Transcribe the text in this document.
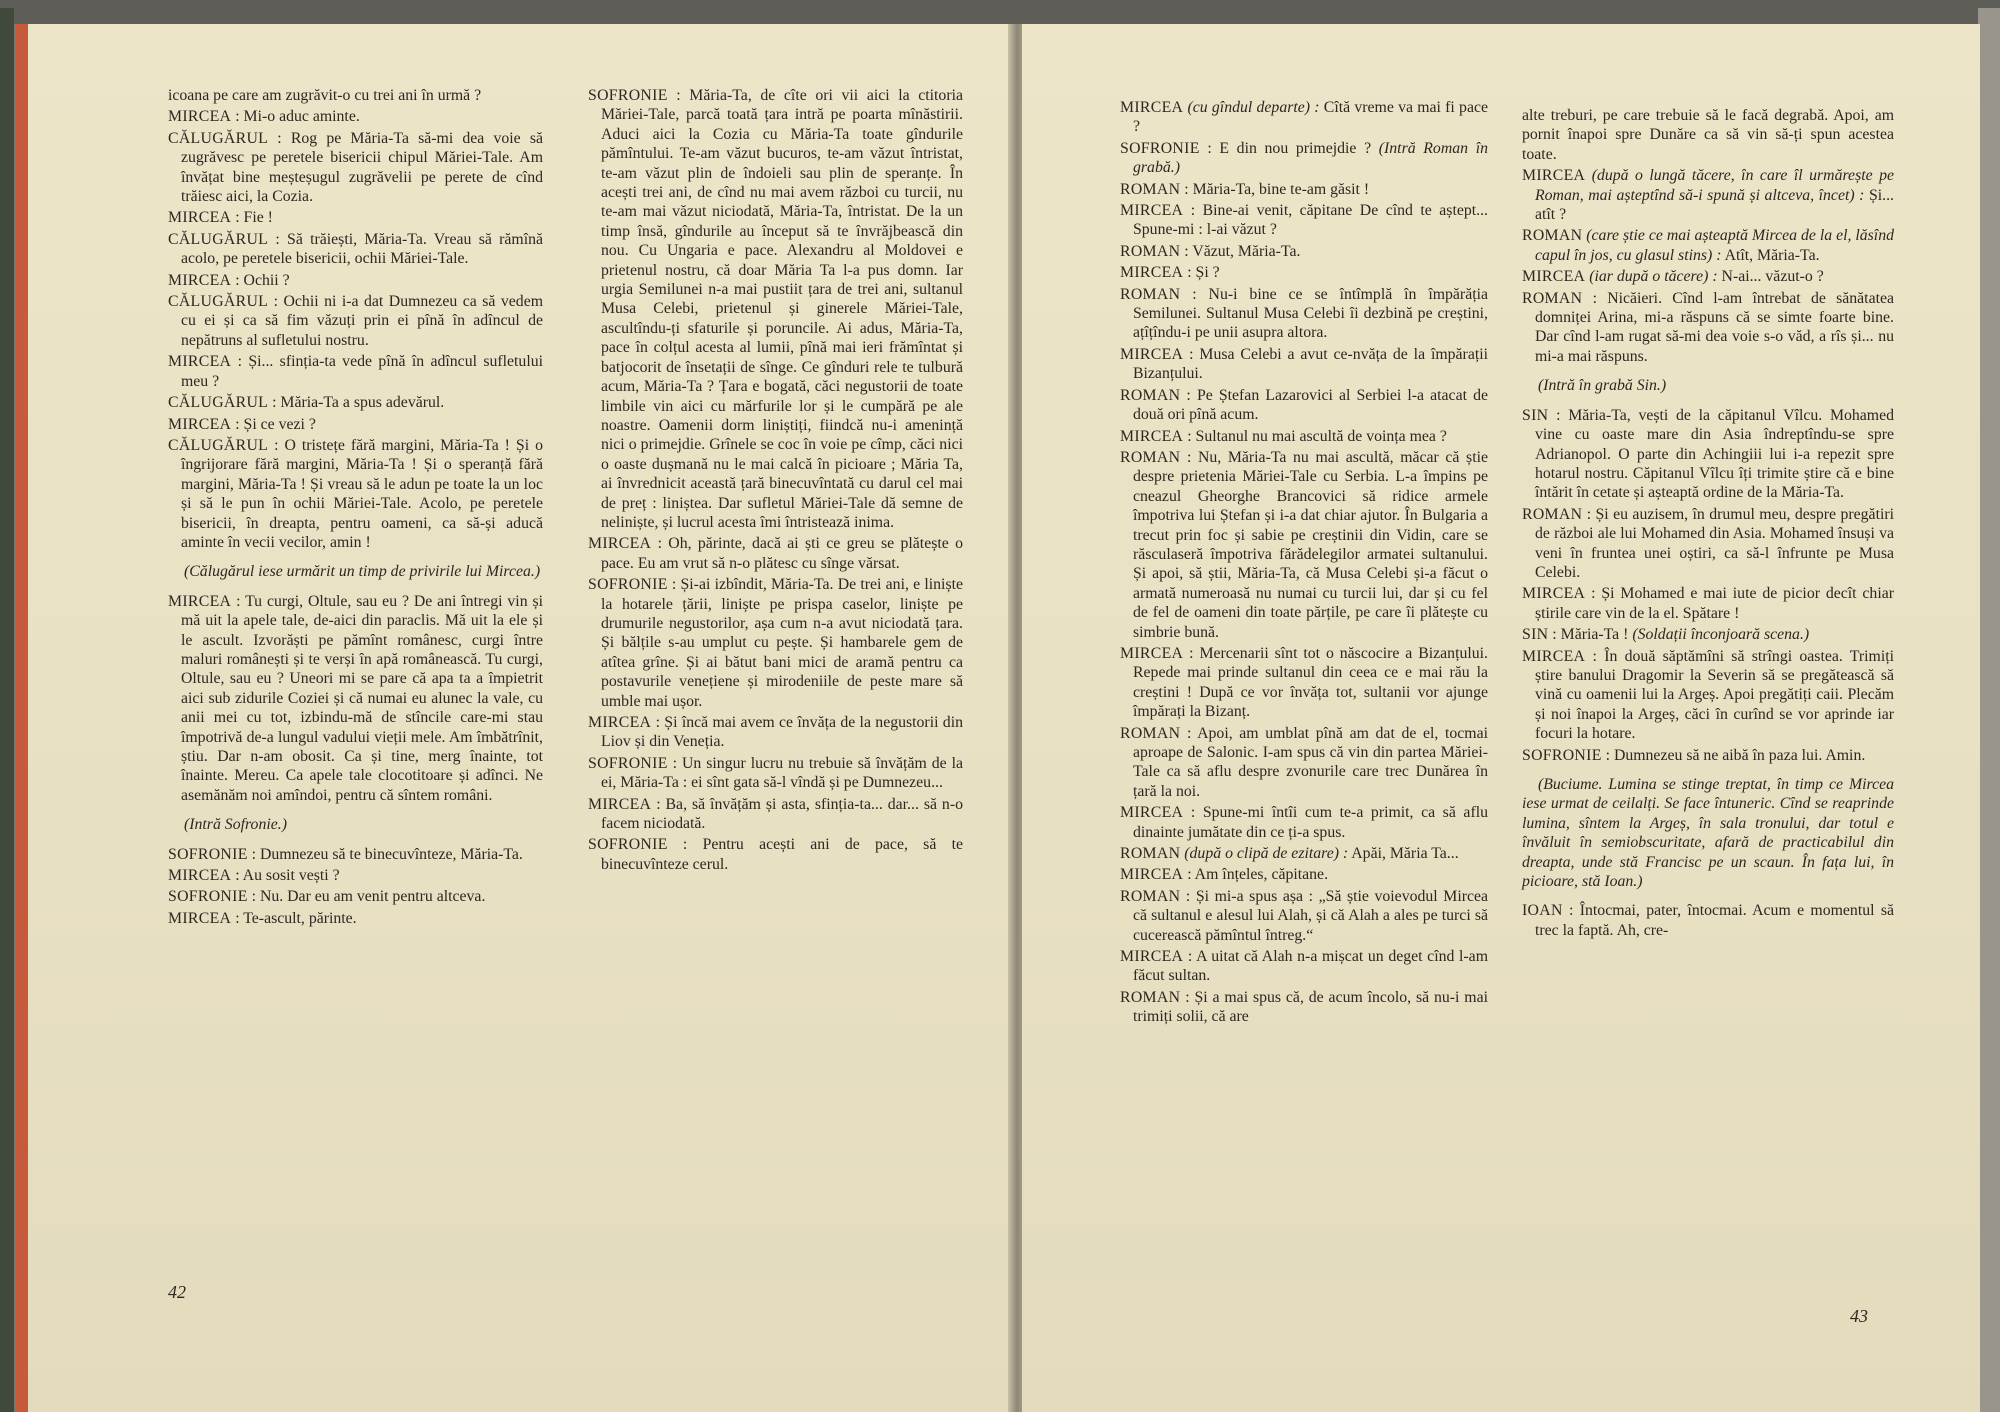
icoana pe care am zugrăvit-o cu trei ani în urmă ?
MIRCEA : Mi-o aduc aminte.
CĂLUGĂRUL : Rog pe Măria-Ta să-mi dea voie să zugrăvesc pe peretele bisericii chipul Măriei-Tale. Am învățat bine meșteșugul zugrăvelii pe perete de cînd trăiesc aici, la Cozia.
MIRCEA : Fie !
CĂLUGĂRUL : Să trăiești, Măria-Ta. Vreau să rămînă acolo, pe peretele bisericii, ochii Măriei-Tale.
MIRCEA : Ochii ?
CĂLUGĂRUL : Ochii ni i-a dat Dumnezeu ca să vedem cu ei și ca să fim văzuți prin ei pînă în adîncul de nepătruns al sufletului nostru.
MIRCEA : Și... sfințiа-ta vede pînă în adîncul sufletului meu ?
CĂLUGĂRUL : Măria-Ta a spus adevărul.
MIRCEA : Și ce vezi ?
CĂLUGĂRUL : O tristețe fără margini, Măria-Ta ! Și o îngrijorare fără margini, Măria-Ta ! Și o speranță fără margini, Măria-Ta ! Și vreau să le adun pe toate la un loc și să le pun în ochii Măriei-Tale. Acolo, pe peretele bisericii, în dreapta, pentru oameni, ca să-și aducă aminte în vecii vecilor, amin !
(Călugărul iese urmărit un timp de privirile lui Mircea.)
MIRCEA : Tu curgi, Oltule, sau eu ? De ani întregi vin și mă uit la apele tale, de-aici din paraclis. Mă uit la ele și le ascult. Izvorăști pe pămînt românesc, curgi între maluri românești și te verși în apă românească. Tu curgi, Oltule, sau eu ? Uneori mi se pare că apa ta a împietrit aici sub zidurile Coziei și că numai eu alunec la vale, cu anii mei cu tot, izbindu-mă de stîncile care-mi stau împotrivă de-a lungul vadului vieții mele. Am îmbătrînit, știu. Dar n-am obosit. Ca și tine, merg înainte, tot înainte. Mereu. Ca apele tale clocotitoare și adînci. Ne asemănăm noi amîndoi, pentru că sîntem români.
(Intră Sofronie.)
SOFRONIE : Dumnezeu să te binecuvînteze, Măria-Ta.
MIRCEA : Au sosit vești ?
SOFRONIE : Nu. Dar eu am venit pentru altceva.
MIRCEA : Te-ascult, părinte.
SOFRONIE : Măria-Ta, de cîte ori vii aici la ctitoria Măriei-Tale, parcă toată țara intră pe poarta mînăstirii. Aduci aici la Cozia cu Măria-Ta toate gîndurile pămîntului. Te-am văzut bucuros, te-am văzut întristat, te-am văzut plin de îndoieli sau plin de speranțe. În acești trei ani, de cînd nu mai avem război cu turcii, nu te-am mai văzut niciodată, Măria-Ta, întristat. De la un timp însă, gîndurile au început să te învrăjbească din nou. Cu Ungaria e pace. Alexandru al Moldovei e prietenul nostru, că doar Măria Ta l-a pus domn. Iar urgia Semilunei n-a mai pustiit țara de trei ani, sultanul Musa Celebi, prietenul și ginerele Măriei-Tale, ascultîndu-ți sfaturile și poruncile. Ai adus, Măria-Ta, pace în colțul acesta al lumii, pînă mai ieri frămîntat și batjocorit de însetații de sînge. Ce gînduri rele te tulbură acum, Măria-Ta ? Țara e bogată, căci negustorii de toate limbile vin aici cu mărfurile lor și le cumpără pe ale noastre. Oamenii dorm liniștiți, fiindcă nu-i amenință nici o primejdie. Grînele se coc în voie pe cîmp, căci nici o oaste dușmană nu le mai calcă în picioare ; Măria Ta, ai învrednicit această țară binecuvîntată cu darul cel mai de preț : liniștea. Dar sufletul Măriei-Tale dă semne de neliniște, și lucrul acesta îmi întristează inima.
MIRCEA : Oh, părinte, dacă ai ști ce greu se plătește o pace. Eu am vrut să n-o plătesc cu sînge vărsat.
SOFRONIE : Și-ai izbîndit, Măria-Ta. De trei ani, e liniște la hotarele țării, liniște pe prispa caselor, liniște pe drumurile negustorilor, așa cum n-a avut niciodată țara. Și bălțile s-au umplut cu pește. Și hambarele gem de atîtea grîne. Și ai bătut bani mici de aramă pentru ca postavurile venețiene și mirodeniile de peste mare să umble mai ușor.
MIRCEA : Și încă mai avem ce învăța de la negustorii din Liov și din Veneția.
SOFRONIE : Un singur lucru nu trebuie să învățăm de la ei, Măria-Ta : ei sînt gata să-l vîndă și pe Dumnezeu...
MIRCEA : Ba, să învățăm și asta, sfințiа-ta... dar... să n-o facem niciodată.
SOFRONIE : Pentru acești ani de pace, să te binecuvînteze cerul.
42
MIRCEA (cu gîndul departe) : Cîtă vreme va mai fi pace ?
SOFRONIE : E din nou primejdie ? (Intră Roman în grabă.)
ROMAN : Măria-Ta, bine te-am găsit !
MIRCEA : Bine-ai venit, căpitane De cînd te aștept... Spune-mi : l-ai văzut ?
ROMAN : Văzut, Măria-Ta.
MIRCEA : Și ?
ROMAN : Nu-i bine ce se întîmplă în împărăția Semilunei. Sultanul Musa Celebi îi dezbină pe creștini, ațîțîndu-i pe unii asupra altora.
MIRCEA : Musa Celebi a avut ce-nvăța de la împărații Bizanțului.
ROMAN : Pe Ștefan Lazarovici al Serbiei l-a atacat de două ori pînă acum.
MIRCEA : Sultanul nu mai ascultă de voința mea ?
ROMAN : Nu, Măria-Ta nu mai ascultă, măcar că știe despre prietenia Măriei-Tale cu Serbia. L-a împins pe cneazul Gheorghe Brancovici să ridice armele împotriva lui Ștefan și i-a dat chiar ajutor. În Bulgaria a trecut prin foc și sabie pe creștinii din Vidin, care se răsculaseră împotriva fărădelegilor armatei sultanului. Și apoi, să știi, Măria-Ta, că Musa Celebi și-a făcut o armată numeroasă nu numai cu turcii lui, dar și cu fel de fel de oameni din toate părțile, pe care îi plătește cu simbrie bună.
MIRCEA : Mercenarii sînt tot o născocire a Bizanțului. Repede mai prinde sultanul din ceea ce e mai rău la creștini ! După ce vor învăța tot, sultanii vor ajunge împărați la Bizanț.
ROMAN : Apoi, am umblat pînă am dat de el, tocmai aproape de Salonic. I-am spus că vin din partea Măriei-Tale ca să aflu despre zvonurile care trec Dunărea în țară la noi.
MIRCEA : Spune-mi întîi cum te-a primit, ca să aflu dinainte jumătate din ce ți-a spus.
ROMAN (după o clipă de ezitare) : Apăi, Măria Ta...
MIRCEA : Am înțeles, căpitane.
ROMAN : Și mi-a spus așa : „Să știe voievodul Mircea că sultanul e alesul lui Alah, și că Alah a ales pe turci să cucerească pămîntul întreg.“
MIRCEA : A uitat că Alah n-a mișcat un deget cînd l-am făcut sultan.
ROMAN : Și a mai spus că, de acum încolo, să nu-i mai trimiți solii, că are
alte treburi, pe care trebuie să le facă degrabă. Apoi, am pornit înapoi spre Dunăre ca să vin să-ți spun acestea toate.
MIRCEA (după o lungă tăcere, în care îl urmărește pe Roman, mai așteptînd să-i spună și altceva, încet) : Și... atît ?
ROMAN (care știe ce mai așteaptă Mircea de la el, lăsînd capul în jos, cu glasul stins) : Atît, Măria-Ta.
MIRCEA (iar după o tăcere) : N-ai... văzut-o ?
ROMAN : Nicăieri. Cînd l-am întrebat de sănătatea domniței Arina, mi-a răspuns că se simte foarte bine. Dar cînd l-am rugat să-mi dea voie s-o văd, a rîs și... nu mi-a mai răspuns.
(Intră în grabă Sin.)
SIN : Măria-Ta, vești de la căpitanul Vîlcu. Mohamed vine cu oaste mare din Asia îndreptîndu-se spre Adrianopol. O parte din Achingiii lui i-a repezit spre hotarul nostru. Căpitanul Vîlcu îți trimite știre că e bine întărit în cetate și așteaptă ordine de la Măria-Ta.
ROMAN : Și eu auzisem, în drumul meu, despre pregătiri de război ale lui Mohamed din Asia. Mohamed însuși va veni în fruntea unei oștiri, ca să-l înfrunte pe Musa Celebi.
MIRCEA : Și Mohamed e mai iute de picior decît chiar știrile care vin de la el. Spătare !
SIN : Măria-Ta ! (Soldații înconjoară scena.)
MIRCEA : În două săptămîni să strîngi oastea. Trimiți știre banului Dragomir la Severin să se pregătească să vină cu oamenii lui la Argeș. Apoi pregătiți caii. Plecăm și noi înapoi la Argeș, căci în curînd se vor aprinde iar focuri la hotare.
SOFRONIE : Dumnezeu să ne aibă în paza lui. Amin.
(Buciume. Lumina se stinge treptat, în timp ce Mircea iese urmat de ceilalți. Se face întuneric. Cînd se reaprinde lumina, sîntem la Argeș, în sala tronului, dar totul e învăluit în semiobscuritate, afară de practicabilul din dreapta, unde stă Francisc pe un scaun. În fața lui, în picioare, stă Ioan.)
IOAN : Întocmai, pater, întocmai. Acum e momentul să trec la faptă. Ah, cre-
43
